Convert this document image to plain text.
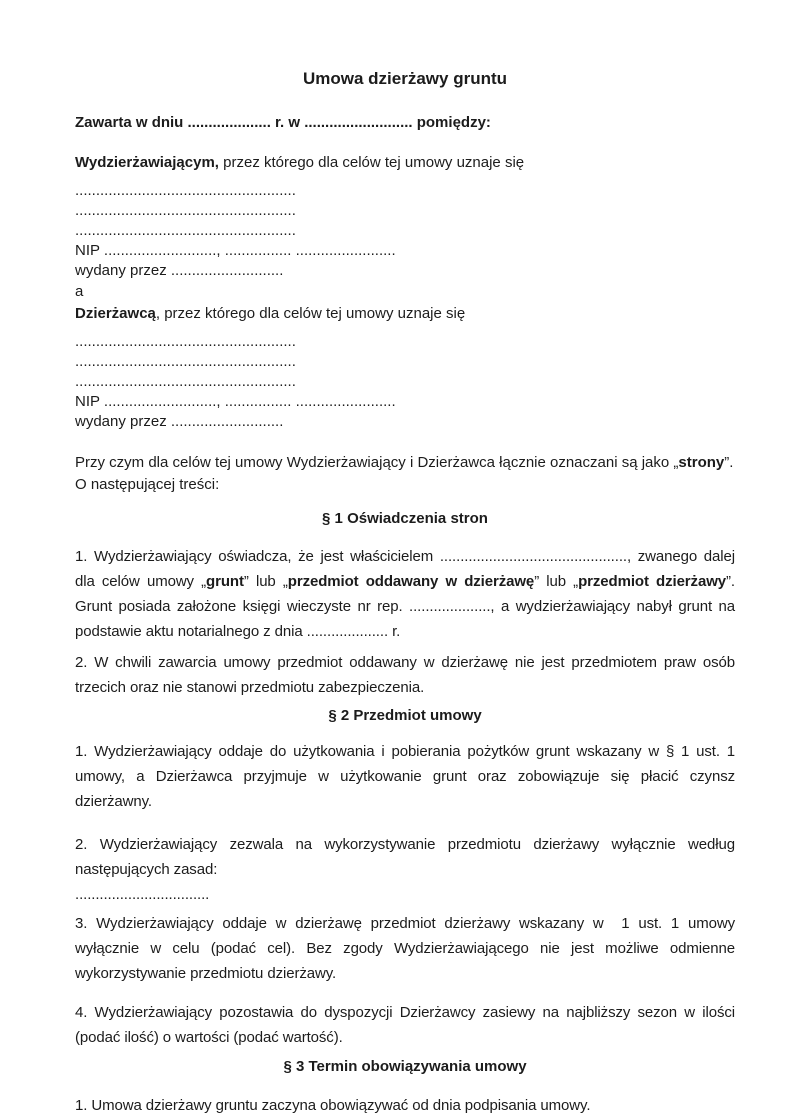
Umowa dzierżawy gruntu

Zawarta w dniu .................... r. w .......................... pomiędzy:

Wydzierżawiającym, przez którego dla celów tej umowy uznaje się

.....................................................

.....................................................

.....................................................

NIP ..........................., ................ ........................

wydany przez ...........................

a

Dzierżawcą, przez którego dla celów tej umowy uznaje się

.....................................................

.....................................................

.....................................................

NIP ..........................., ................ ........................

wydany przez ...........................

Przy czym dla celów tej umowy Wydzierżawiający i Dzierżawca łącznie oznaczani są jako „strony”.

O następującej treści:

§ 1 Oświadczenia stron

1. Wydzierżawiający oświadcza, że jest właścicielem .............................................., zwanego dalej dla celów umowy „grunt” lub „przedmiot oddawany w dzierżawę” lub „przedmiot dzierżawy”. Grunt posiada założone księgi wieczyste nr rep. ...................., a wydzierżawiający nabył grunt na podstawie aktu notarialnego z dnia .................... r.

2. W chwili zawarcia umowy przedmiot oddawany w dzierżawę nie jest przedmiotem praw osób trzecich oraz nie stanowi przedmiotu zabezpieczenia.

§ 2 Przedmiot umowy

1. Wydzierżawiający oddaje do użytkowania i pobierania pożytków grunt wskazany w § 1 ust. 1 umowy, a Dzierżawca przyjmuje w użytkowanie grunt oraz zobowiązuje się płacić czynsz dzierżawny.

2. Wydzierżawiający zezwala na wykorzystywanie przedmiotu dzierżawy wyłącznie według następujących zasad:

.................................

3. Wydzierżawiający oddaje w dzierżawę przedmiot dzierżawy wskazany w  1 ust. 1 umowy wyłącznie w celu (podać cel). Bez zgody Wydzierżawiającego nie jest możliwe odmienne wykorzystywanie przedmiotu dzierżawy.

4. Wydzierżawiający pozostawia do dyspozycji Dzierżawcy zasiewy na najbliższy sezon w ilości (podać ilość) o wartości (podać wartość).

§ 3 Termin obowiązywania umowy

1. Umowa dzierżawy gruntu zaczyna obowiązywać od dnia podpisania umowy.
